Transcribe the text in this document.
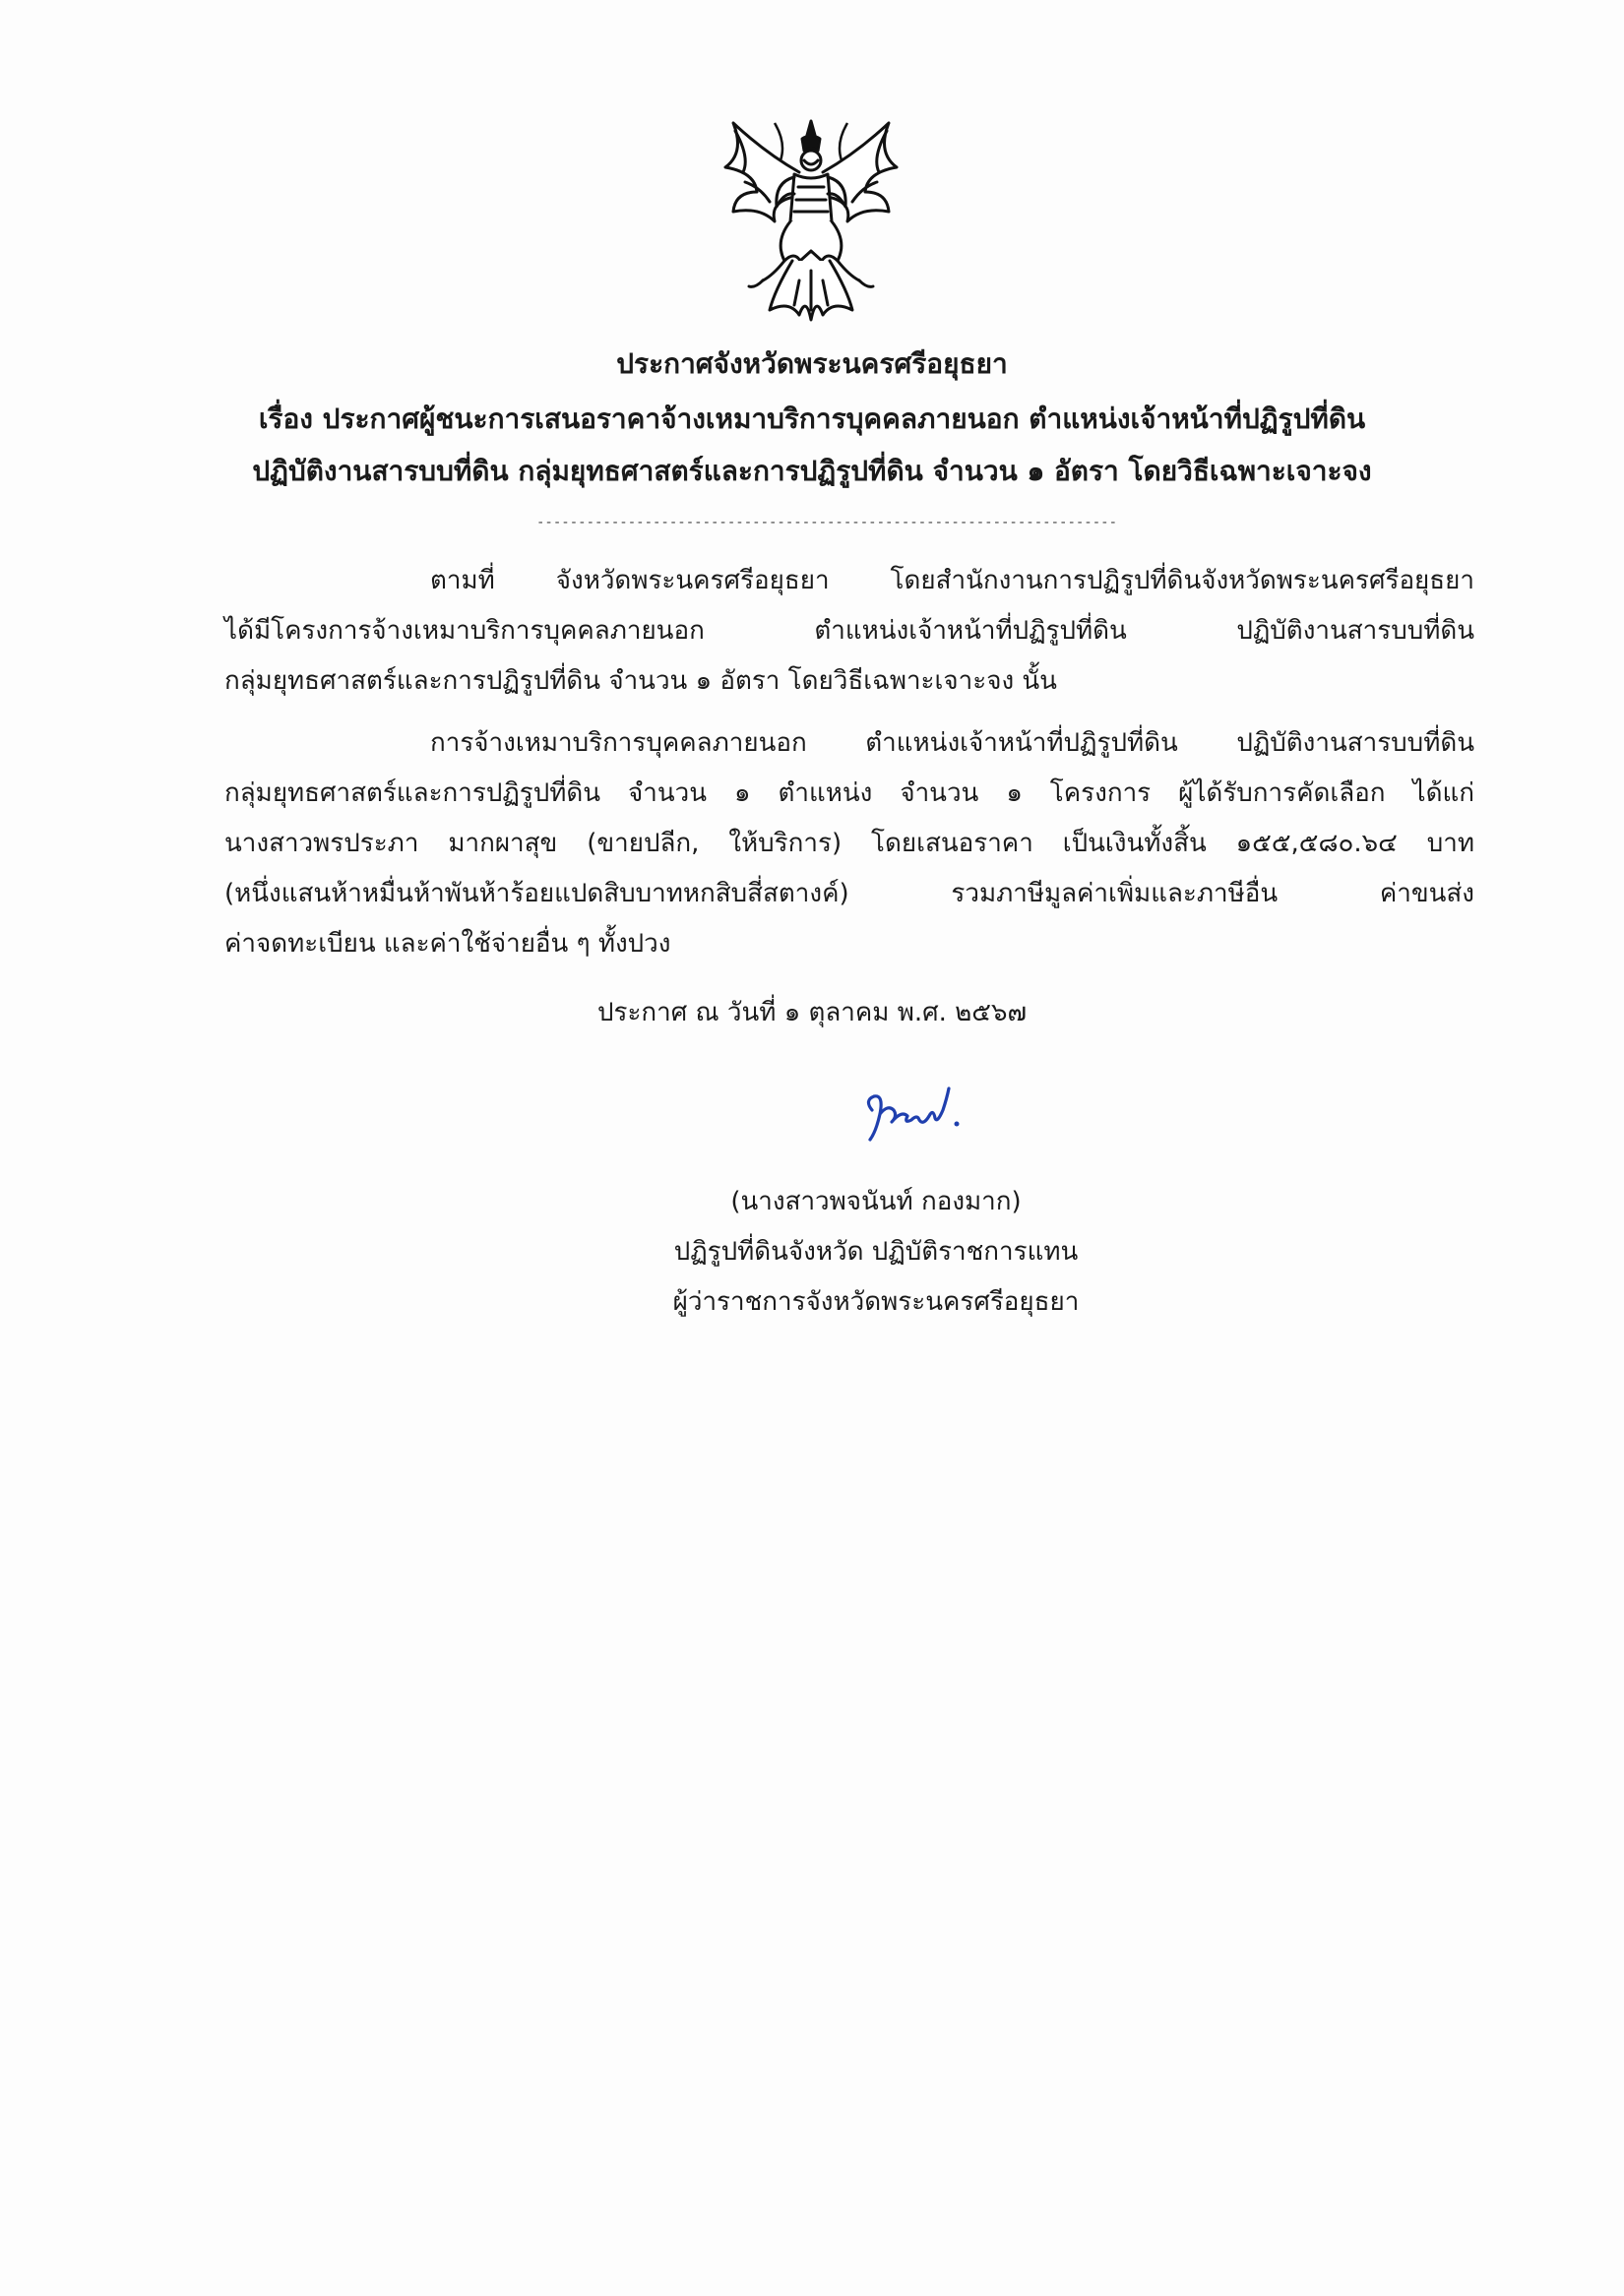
ประกาศจังหวัดพระนครศรีอยุธยา
เรื่อง ประกาศผู้ชนะการเสนอราคาจ้างเหมาบริการบุคคลภายนอก ตำแหน่งเจ้าหน้าที่ปฏิรูปที่ดิน
ปฏิบัติงานสารบบที่ดิน กลุ่มยุทธศาสตร์และการปฏิรูปที่ดิน จำนวน ๑ อัตรา โดยวิธีเฉพาะเจาะจง
----------------------------------------------------------------------
ตามที่ จังหวัดพระนครศรีอยุธยา โดยสำนักงานการปฏิรูปที่ดินจังหวัดพระนครศรีอยุธยา
ได้มีโครงการจ้างเหมาบริการบุคคลภายนอก ตำแหน่งเจ้าหน้าที่ปฏิรูปที่ดิน ปฏิบัติงานสารบบที่ดิน
กลุ่มยุทธศาสตร์และการปฏิรูปที่ดิน จำนวน ๑ อัตรา โดยวิธีเฉพาะเจาะจง นั้น
การจ้างเหมาบริการบุคคลภายนอก ตำแหน่งเจ้าหน้าที่ปฏิรูปที่ดิน ปฏิบัติงานสารบบที่ดิน
กลุ่มยุทธศาสตร์และการปฏิรูปที่ดิน จำนวน ๑ ตำแหน่ง จำนวน ๑ โครงการ ผู้ได้รับการคัดเลือก ได้แก่
นางสาวพรประภา มากผาสุข (ขายปลีก, ให้บริการ) โดยเสนอราคา เป็นเงินทั้งสิ้น ๑๕๕,๕๘๐.๖๔ บาท
(หนึ่งแสนห้าหมื่นห้าพันห้าร้อยแปดสิบบาทหกสิบสี่สตางค์) รวมภาษีมูลค่าเพิ่มและภาษีอื่น ค่าขนส่ง
ค่าจดทะเบียน และค่าใช้จ่ายอื่น ๆ ทั้งปวง
ประกาศ ณ วันที่ ๑ ตุลาคม พ.ศ. ๒๕๖๗
(นางสาวพจนันท์ กองมาก)
ปฏิรูปที่ดินจังหวัด ปฏิบัติราชการแทน
ผู้ว่าราชการจังหวัดพระนครศรีอยุธยา
